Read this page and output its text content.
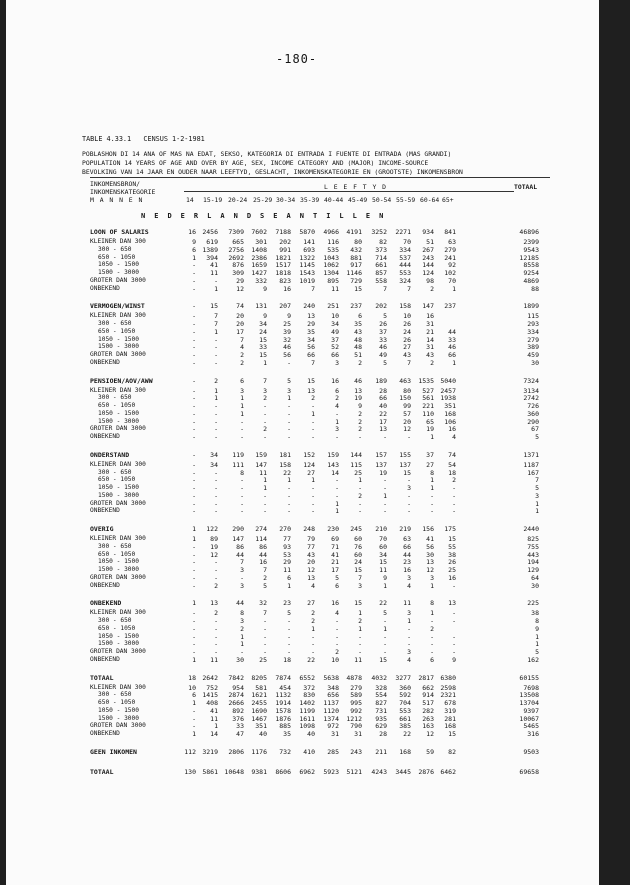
-180-
TABLE 4.33.1 CENSUS 1-2-1981
POBLASHON DI 14 ANA OF MAS NA EDAT, SEKSO, KATEGORIA DI ENTRADA I FUENTE DI ENTRADA (MAS GRANDI)
POPULATION 14 YEARS OF AGE AND OVER BY AGE, SEX, INCOME CATEGORY AND (MAJOR) INCOME-SOURCE
BEVOLKING VAN 14 JAAR EN OUDER NAAR LEEFTYD, GESLACHT, INKOMENSKATEGORIE EN (GROOTSTE) INKOMENSBRON
INKOMENSBRON/	L E E F T Y D	TOTAAL
INKOMENSKATEGORIE
M A N N E N	14 15-19 20-24 25-29 30-34 35-39 40-44 45-49 50-54 55-59 60-64 65+
N E D E R L A N D S E A N T I L L E N
LOON OF SALARIS	16 2456 7309 7602 7188 5870 4966 4191 3252 2271 934 841	46896
KLEINER DAN 300	9 619 665 301 202 141 116 80	82 70 51 63	2399
300 - 650	6 1389 2756 1408 991 693 535 432 373 334 267 279	9543
650 - 1050	1 394 2692 2386 1821 1322 1043 881 714 537 243 241	12185
1050 - 1500	- 41 876 1659 1517 1145 1062 917 661 444 144 92	8558
1500 - 3000	- 11 309 1427 1818 1543 1304 1146 857 553 124 102	9254
GROTER DAN 3000	-	-	29 332 823 1019 895 729 558 324 98 70	4869
ONBEKEND	-	1	12	9 16	7 11 15	7	7	2	1	88
VERMOGEN/WINST	- 15	74 131 207 240 251 237 202 158 147 237	1899
KLEINER DAN 300	-	7	20	9	9 13 10	6	5 10 16	115
300 - 650	-	7	20 34 25 29 34 35	26 26 31	293
650 - 1050	-	1	17 24 39 35 49 43	37 24 21 44	334
1050 - 1500	-	-	7 15 32 34 37 48	33 26 14 33	279
1500 - 3000	-	-	4 33 46 56 52 48	46 27 31 46	389
GROTER DAN 3000	-	-	2 15 56 66 66 51	49 43 43 66	459
ONBEKEND	-	-	2	1	-	7	3	2	5	7	2	1	30
PENSIOEN/AOV/AWW	-	2	6	7	5 15 16 46 189 463 1535 5040	7324
KLEINER DAN 300	-	1	3	3	3 13	6 13	28 80 527 2457	3134
300 - 650	-	1	1	2	1	2	2 19	66 150 561 1938	2742
650 - 1050	-	-	1	-	-	-	4	9	40 99 221 351	726
1050 - 1500	-	-	1	-	-	1	-	2	22 57 110 168	360
1500 - 3000	-	-	-	-	-	-	1	2	17 20 65 106	290
GROTER DAN 3000	-	-	-	2	-	-	3	2	13 12 19 16	67
ONBEKEND	-	-	-	-	-	-	-	-	-	-	1	4	5
ONDERSTAND	- 34 119 159 181 152 159 144 157 155 37 74	1371
KLEINER DAN 300	- 34 111 147 158 124 143 115 137 137 27 54	1187
300 - 650	-	-	8 11 22 27 14 25	19 15	8 18	167
650 - 1050	-	-	-	1	1	1	-	1	-	-	1	2	7
1050 - 1500	-	-	-	1	-	-	-	-	-	3	1	-	5
1500 - 3000	-	-	-	-	-	-	-	2	1	-	-	-	3
GROTER DAN 3000	-	-	-	-	-	-	1	-	-	-	-	-	1
ONBEKEND	-	-	-	-	-	-	1	-	-	-	-	-	1
OVERIG	1 122 290 274 270 248 230 245 210 219 156 175	2440
KLEINER DAN 300	1 89 147 114 77 79 69 60	70 63 41 15	825
300 - 650	- 19	86 86 93 77 71 76	60 66 56 55	755
650 - 1050	- 12	44 44 53 43 41 60	34 44 30 38	443
1050 - 1500	-	-	7 16 29 20 21 24	15 23 13 26	194
1500 - 3000	-	-	3	7 11 12 17 15	11 16 12 25	129
GROTER DAN 3000	-	-	-	2	6 13	5	7	9	3	3 16	64
ONBEKEND	-	2	3	5	1	4	6	3	1	4	1	-	30
ONBEKEND	1 13	44 32 23 27 16 15	22 11	8 13	225
KLEINER DAN 300	-	2	8	7	5	2	4	1	5	3	1	-	38
300 - 650	-	-	3	-	-	2	-	2	-	1	-	-	8
650 - 1050	-	-	2	-	-	1	-	1	1	-	2	9
1050 - 1500	-	-	1	-	-	-	-	-	-	-	-	-	1
1500 - 3000	-	-	1	-	-	-	-	-	-	-	-	-	1
GROTER DAN 3000	-	-	-	-	-	-	2	-	-	3	-	-	5
ONBEKEND	1 11	30 25 18 22 10 11	15	4	6	9	162
TOTAAL	18 2642 7842 8205 7874 6552 5638 4878 4032 3277 2817 6380	60155
KLEINER DAN 300	10 752 954 581 454 372 348 279 328 360 662 2598	7698
300 - 650	6 1415 2874 1621 1132 830 656 589 554 592 914 2321	13508
650 - 1050	1 408 2666 2455 1914 1402 1137 995 827 704 517 678	13704
1050 - 1500	- 41 892 1690 1578 1199 1120 992 731 553 282 319	9397
1500 - 3000	- 11 376 1467 1876 1611 1374 1212 935 661 263 281	10067
GROTER DAN 3000	-	1	33 351 885 1098 972 790 629 385 163 168	5465
ONBEKEND	1 14	47 40 35 40 31 31	28 22 12 15	316
GEEN INKOMEN	112 3219 2806 1176 732 410 285 243 211 168 59 82	9503
TOTAAL	130 5861 10648 9381 8606 6962 5923 5121 4243 3445 2876 6462	69658
